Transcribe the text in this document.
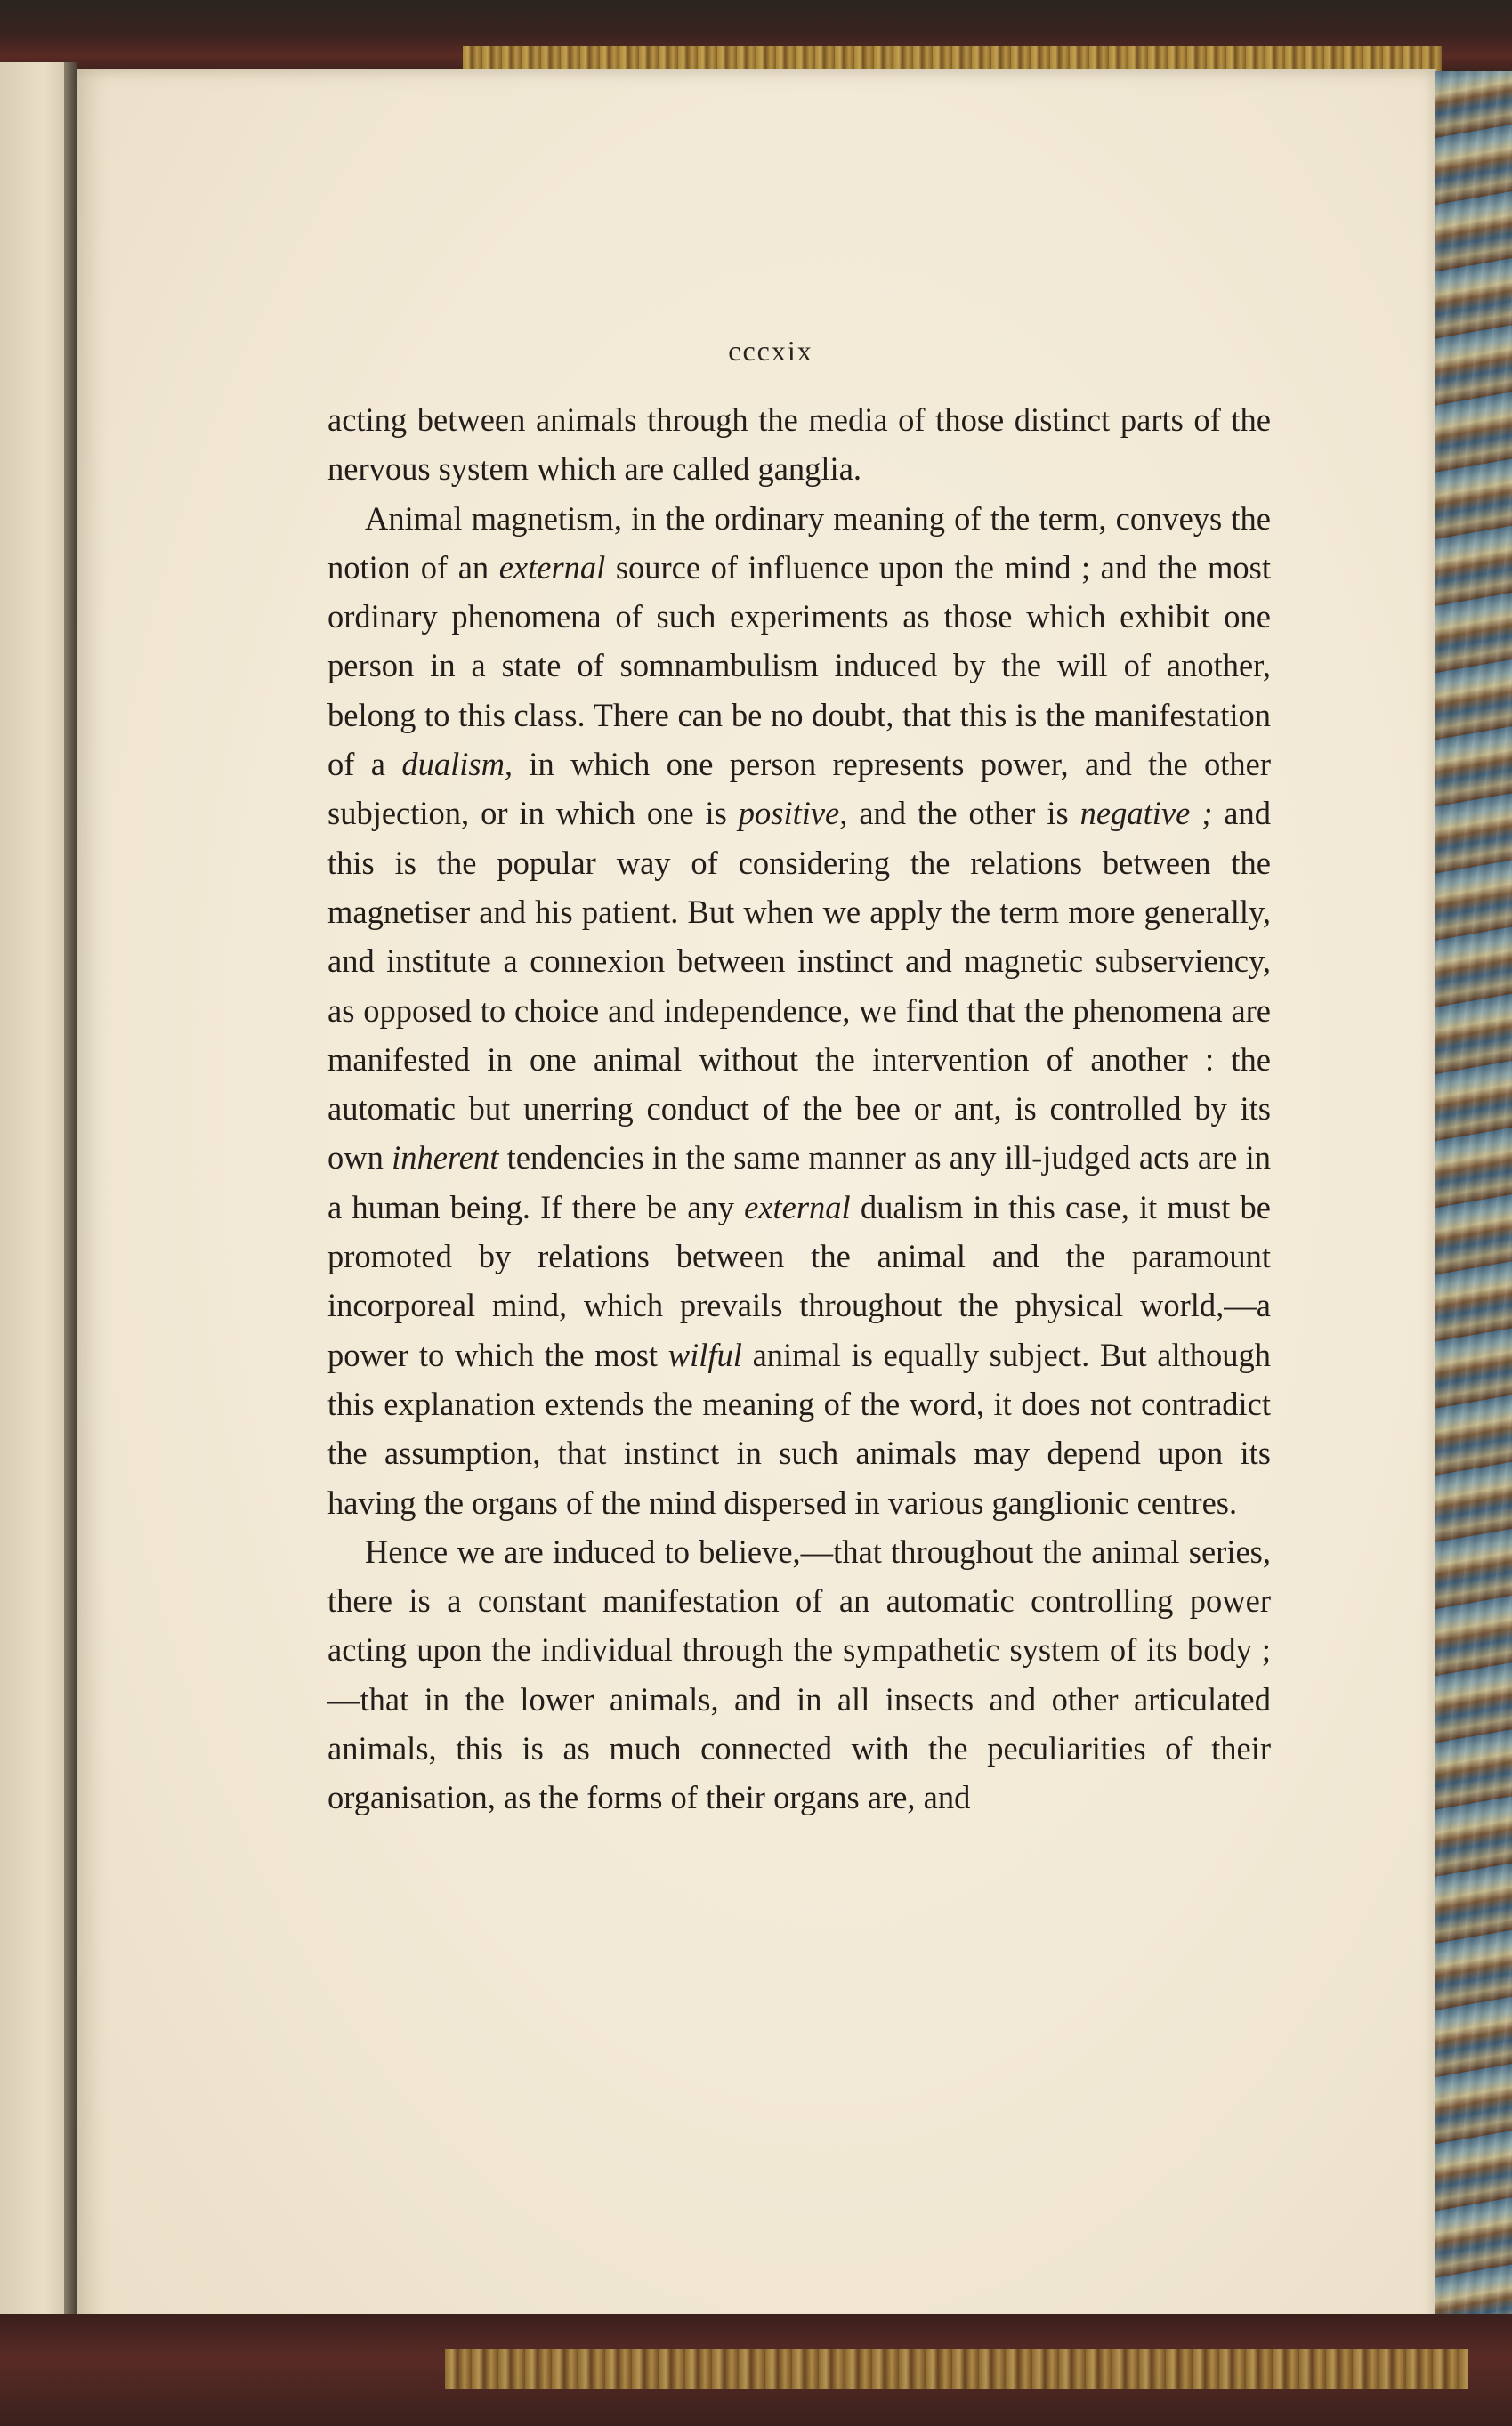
cccxix

acting between animals through the media of those distinct parts of the nervous system which are called ganglia.

Animal magnetism, in the ordinary meaning of the term, conveys the notion of an external source of influence upon the mind ; and the most ordinary phenomena of such experiments as those which exhibit one person in a state of somnambulism induced by the will of another, belong to this class. There can be no doubt, that this is the manifestation of a dualism, in which one person represents power, and the other subjection, or in which one is positive, and the other is negative ; and this is the popular way of considering the relations between the magnetiser and his patient. But when we apply the term more generally, and institute a connexion between instinct and magnetic subserviency, as opposed to choice and independence, we find that the phenomena are manifested in one animal without the intervention of another : the automatic but unerring conduct of the bee or ant, is controlled by its own inherent tendencies in the same manner as any ill-judged acts are in a human being. If there be any external dualism in this case, it must be promoted by relations between the animal and the paramount incorporeal mind, which prevails throughout the physical world,—a power to which the most wilful animal is equally subject. But although this explanation extends the meaning of the word, it does not contradict the assumption, that instinct in such animals may depend upon its having the organs of the mind dispersed in various ganglionic centres.

Hence we are induced to believe,—that throughout the animal series, there is a constant manifestation of an automatic controlling power acting upon the individual through the sympathetic system of its body ;—that in the lower animals, and in all insects and other articulated animals, this is as much connected with the peculiarities of their organisation, as the forms of their organs are, and
